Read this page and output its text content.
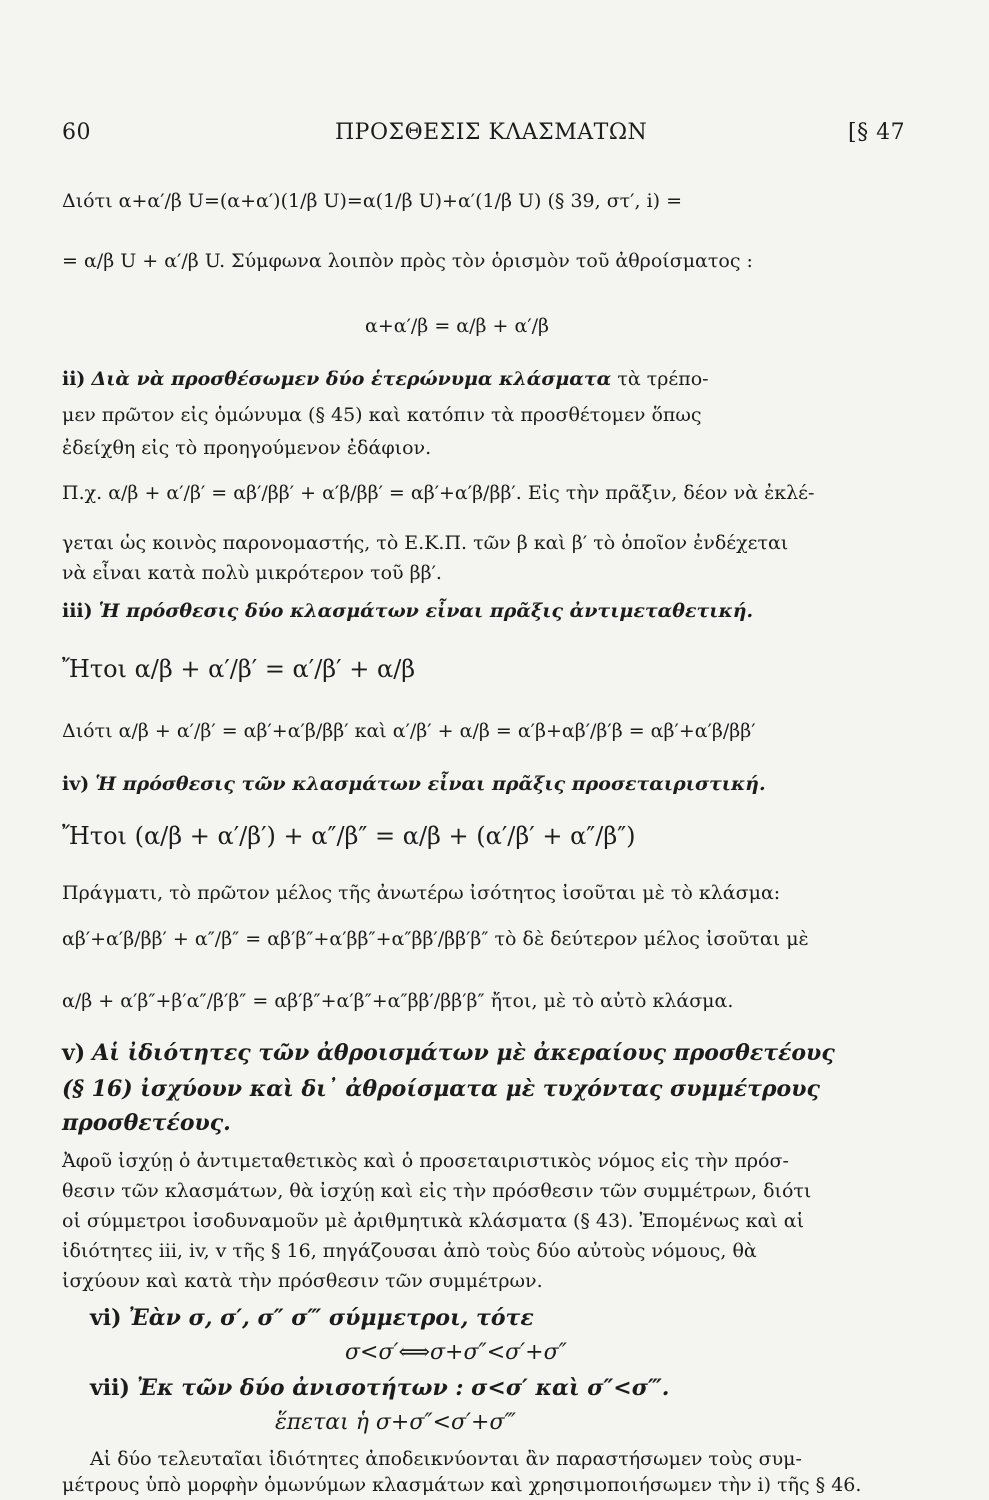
60	ΠΡΟΣΘΕΣΙΣ ΚΛΑΣΜΑΤΩΝ	[§ 47
Διότι α+α′/β U=(α+α′)(1/β U)=α(1/β U)+α′(1/β U) (§ 39, στ′, i) =
= α/β U + α′/β U. Σύμφωνα λοιπὸν πρὸς τὸν ὁρισμὸν τοῦ ἀθροίσματος :
α+α′/β = α/β + α′/β
ii) Διὰ νὰ προσθέσωμεν δύο ἑτερώνυμα κλάσματα τὰ τρέπο-
μεν πρῶτον εἰς ὁμώνυμα (§ 45) καὶ κατόπιν τὰ προσθέτομεν ὅπως
ἐδείχθη εἰς τὸ προηγούμενον ἐδάφιον.
Π.χ. α/β + α′/β′ = αβ′/ββ′ + α′β/ββ′ = αβ′+α′β/ββ′. Εἰς τὴν πρᾶξιν, δέον νὰ ἐκλέ-
γεται ὡς κοινὸς παρονομαστής, τὸ Ε.Κ.Π. τῶν β καὶ β′ τὸ ὁποῖον ἐνδέχεται
νὰ εἶναι κατὰ πολὺ μικρότερον τοῦ ββ′.
iii) Ἡ πρόσθεσις δύο κλασμάτων εἶναι πρᾶξις ἀντιμεταθετική.
Ἤτοι α/β + α′/β′ = α′/β′ + α/β
Διότι α/β + α′/β′ = αβ′+α′β/ββ′ καὶ α′/β′ + α/β = α′β+αβ′/β′β = αβ′+α′β/ββ′
iv) Ἡ πρόσθεσις τῶν κλασμάτων εἶναι πρᾶξις προσεταιριστική.
Ἤτοι (α/β + α′/β′) + α″/β″ = α/β + (α′/β′ + α″/β″)
Πράγματι, τὸ πρῶτον μέλος τῆς ἀνωτέρω ἰσότητος ἰσοῦται μὲ τὸ κλάσμα:
αβ′+α′β/ββ′ + α″/β″ = αβ′β″+α′ββ″+α″ββ′/ββ′β″ τὸ δὲ δεύτερον μέλος ἰσοῦται μὲ
α/β + α′β″+β′α″/β′β″ = αβ′β″+α′β″+α″ββ′/ββ′β″ ἤτοι, μὲ τὸ αὐτὸ κλάσμα.
v) Αἱ ἰδιότητες τῶν ἀθροισμάτων μὲ ἀκεραίους προσθετέους
(§ 16) ἰσχύουν καὶ δι᾽ ἀθροίσματα μὲ τυχόντας συμμέτρους
προσθετέους.
Ἀφοῦ ἰσχύῃ ὁ ἀντιμεταθετικὸς καὶ ὁ προσεταιριστικὸς νόμος εἰς τὴν πρόσ-
θεσιν τῶν κλασμάτων, θὰ ἰσχύῃ καὶ εἰς τὴν πρόσθεσιν τῶν συμμέτρων, διότι
οἱ σύμμετροι ἰσοδυναμοῦν μὲ ἀριθμητικὰ κλάσματα (§ 43). Ἐπομένως καὶ αἱ
ἰδιότητες iii, iv, v τῆς § 16, πηγάζουσαι ἀπὸ τοὺς δύο αὐτοὺς νόμους, θὰ
ἰσχύουν καὶ κατὰ τὴν πρόσθεσιν τῶν συμμέτρων.
vi) Ἐὰν σ, σ′, σ″ σ‴ σύμμετροι, τότε
σ<σ′⟺σ+σ″<σ′+σ″
vii) Ἐκ τῶν δύο ἀνισοτήτων : σ<σ′ καὶ σ″<σ‴.
ἕπεται ἡ σ+σ″<σ′+σ‴
Αἱ δύο τελευταῖαι ἰδιότητες ἀποδεικνύονται ἂν παραστήσωμεν τοὺς συμ-
μέτρους ὑπὸ μορφὴν ὁμωνύμων κλασμάτων καὶ χρησιμοποιήσωμεν τὴν i) τῆς § 46.
